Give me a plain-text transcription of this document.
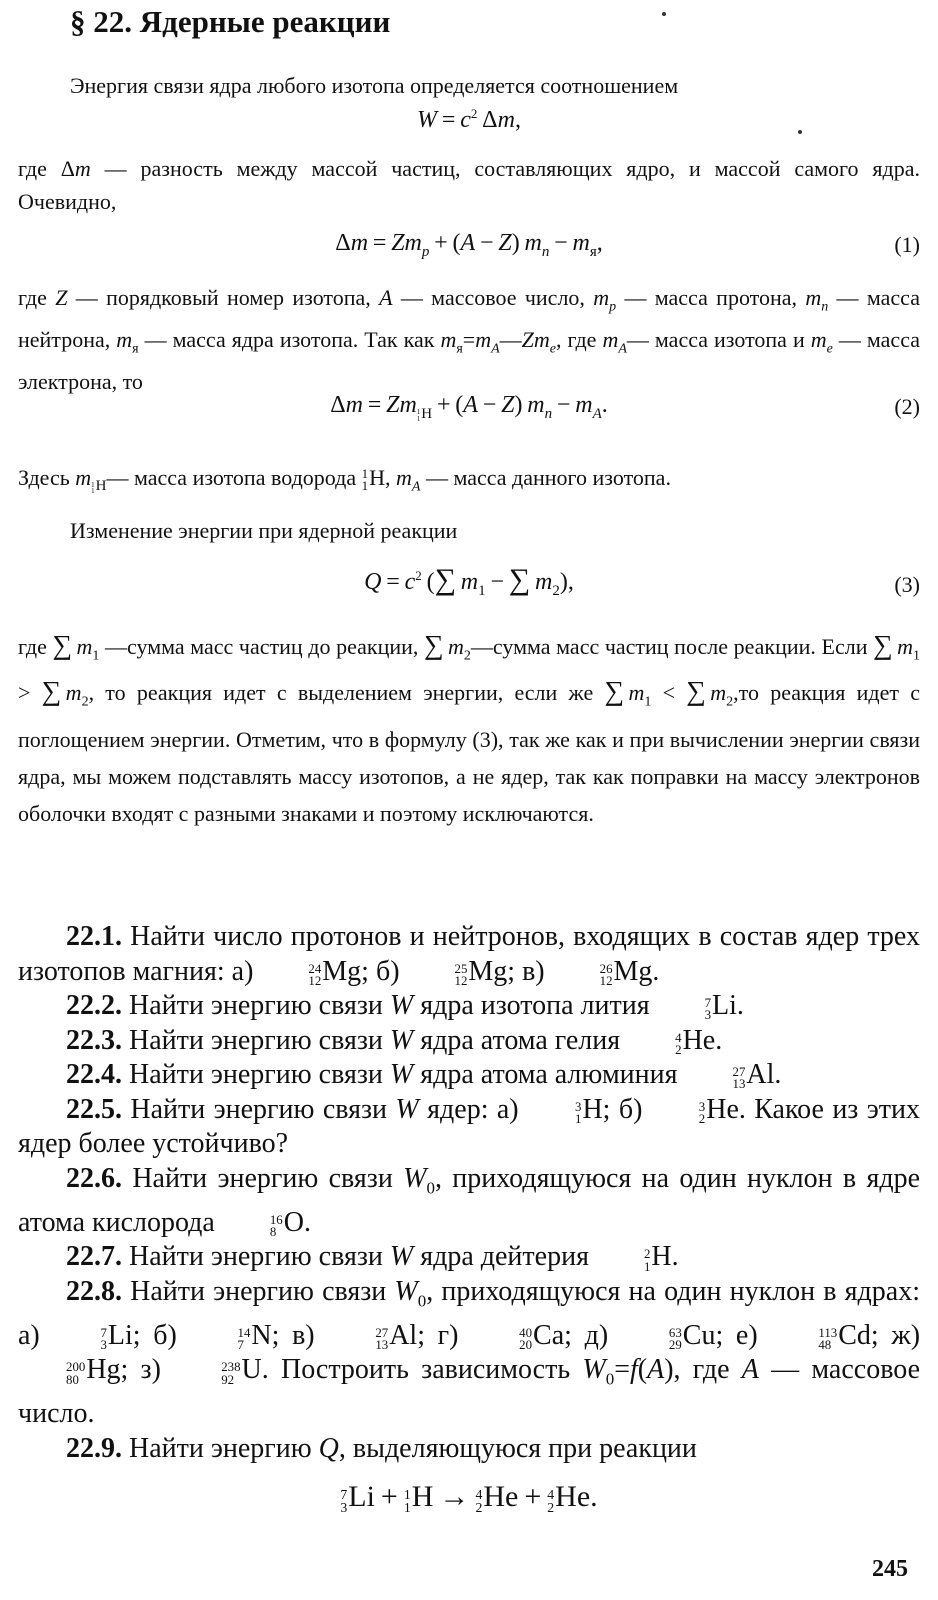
§ 22. Ядерные реакции

Энергия связи ядра любого изотопа определяется соотношением

$W = c^2$ Δm,

где Δm — разность между массой частиц, составляющих ядро, и массой самого ядра. Очевидно,

$\Delta m = Zm_p + (A - Z) m_n - m_я$,	(1)

где Z — порядковый номер изотопа, A — массовое число, $m_p$ — масса протона, $m_n$ — масса нейтрона, $m_я$ — масса ядра изотопа. Так как $m_я=m_A—Zm_e$, где $m_A—$ масса изотопа и $m_e$ — масса электрона, то

Δm = Zm $_{1 1 H}$ + (A − Z) $m_n - m_A$.	(2)

Здесь m $_{1 1 H}$— масса изотопа водорода 1
1 H, $m_A$ — масса данного изотопа.

Изменение энергии при ядерной реакции

$Q = c^2$ (∑  $m_1$ − ∑  $m_2$),	(3)

где ∑  $m_1$ —сумма масс частиц до реакции, ∑  $m_2—сумма$ масс частиц после реакции. Если ∑  $m_1$ > ∑  $m_2$, то реакция идет с выделением энергии, если же ∑  $m_1$ < ∑  $m_2,то$ реакция идет с поглощением энергии. Отметим, что в формулу (3), так же как и при вычислении энергии связи ядра, мы можем подставлять массу изотопов, а не ядер, так как поправки на массу электронов оболочки входят с разными знаками и поэтому исключаются.

22.1. Найти число протонов и нейтронов, входящих в состав ядер трех изотопов магния: а)	24
12 Mg; б)	25
12 Mg; в)	26
12 Mg.

22.2. Найти энергию связи W ядра изотопа лития	7
3 Li.

22.3. Найти энергию связи W ядра атома гелия	4
2 He.

22.4. Найти энергию связи W ядра атома алюминия	27
13 Al.

22.5. Найти энергию связи W ядер: а)	3
1 H; б)	3
2 He. Какое из этих ядер более устойчиво?

22.6. Найти энергию связи $W_0$, приходящуюся на один нуклон в ядре атома кислорода	16
8 O.

22.7. Найти энергию связи W ядра дейтерия	2
1 H.

22.8. Найти энергию связи $W_0$, приходящуюся на один нуклон в ядрах: а)	7
3 Li; б)	14
7 N; в)	27
13 Al; г)	40
20 Ca; д)	63
29 Cu; е)	113
48 Cd; ж)
200
80 Hg; з)	238
92 U. Построить зависимость $W_0=f(A)$, где A — массовое число.

22.9. Найти энергию Q, выделяющуюся при реакции

7
3 Li +  1
1 H →  4
2 He +  4
2 He.

245
